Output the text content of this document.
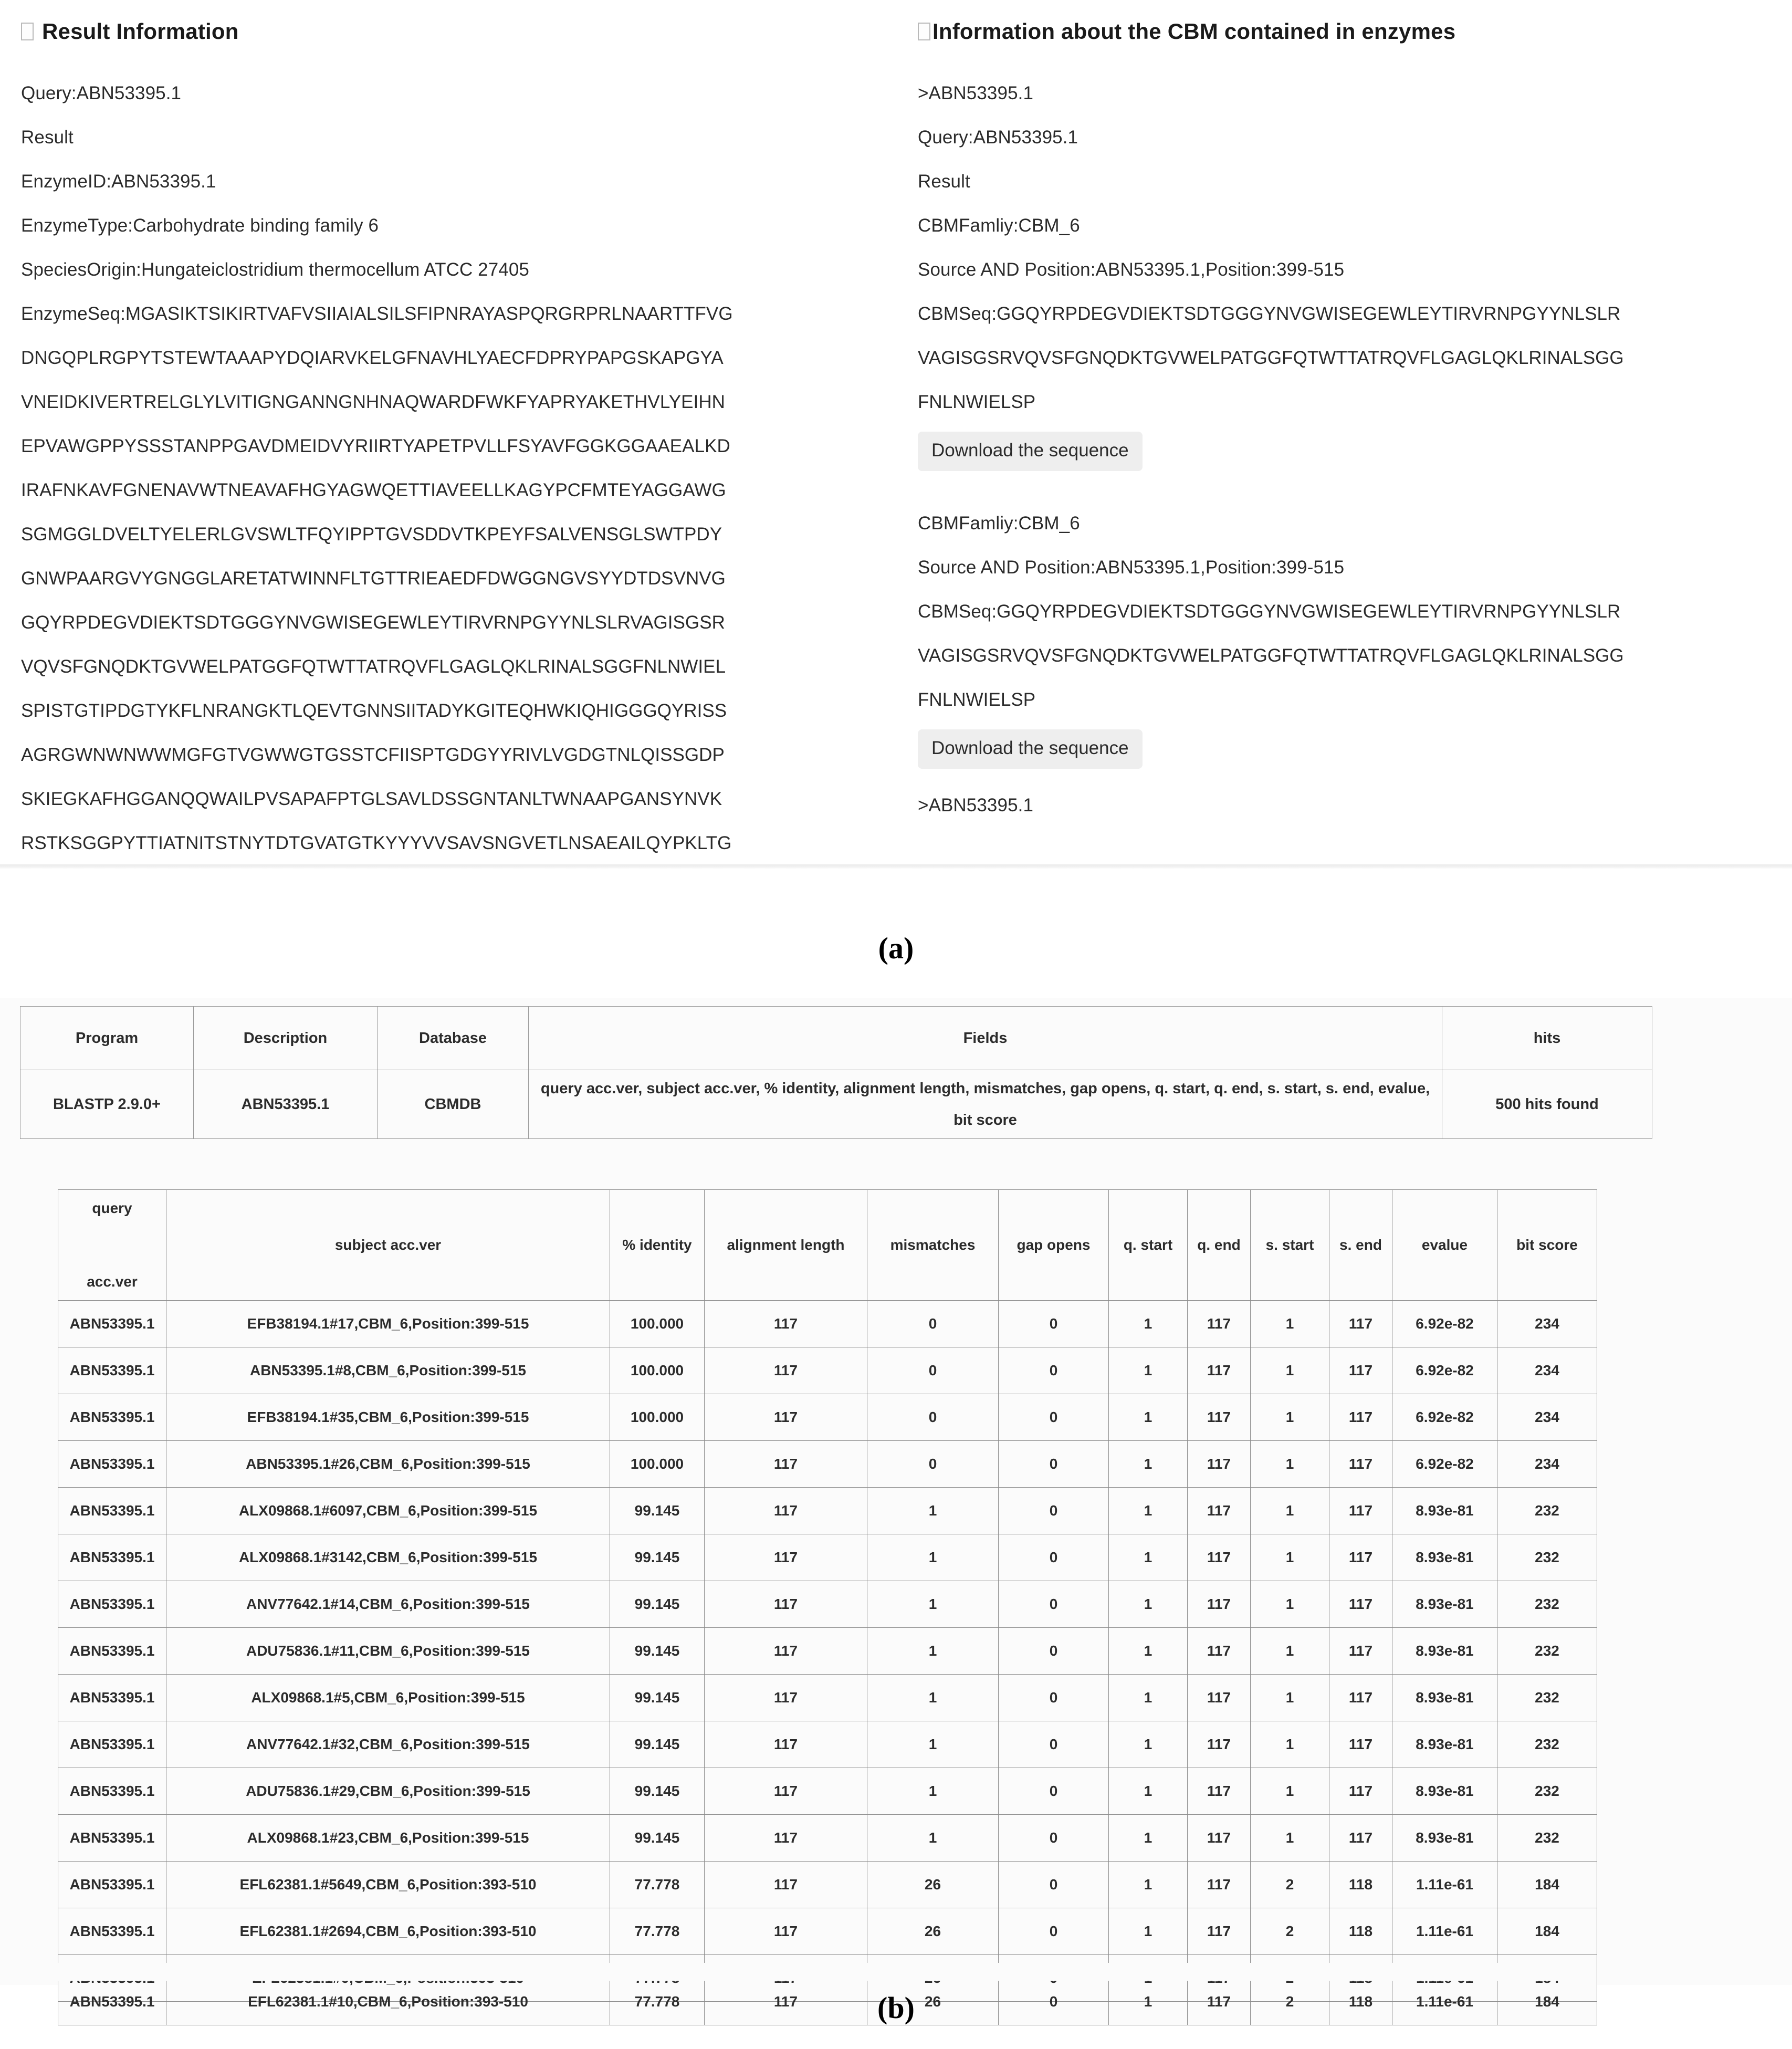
Result Information
Query:ABN53395.1
Result
EnzymeID:ABN53395.1
EnzymeType:Carbohydrate binding family 6
SpeciesOrigin:Hungateiclostridium thermocellum ATCC 27405
EnzymeSeq:MGASIKTSIKIRTVAFVSIIAIALSILSFIPNRAYASPQRGRPRLNAARTTFVG
DNGQPLRGPYTSTEWTAAAPYDQIARVKELGFNAVHLYAECFDPRYPAPGSKAPGYA
VNEIDKIVERTRELGLYLVITIGNGANNGNHNAQWARDFWKFYAPRYAKETHVLYEIHN
EPVAWGPPYSSSTANPPGAVDMEIDVYRIIRTYAPETPVLLFSYAVFGGKGGAAEALKD
IRAFNKAVFGNENAVWTNEAVAFHGYAGWQETTIAVEELLKAGYPCFMTEYAGGAWG
SGMGGLDVELTYELERLGVSWLTFQYIPPTGVSDDVTKPEYFSALVENSGLSWTPDY
GNWPAARGVYGNGGLARETATWINNFLTGTTRIEAEDFDWGGNGVSYYDTDSVNVG
GQYRPDEGVDIEKTSDTGGGYNVGWISEGEWLEYTIRVRNPGYYNLSLRVAGISGSR
VQVSFGNQDKTGVWELPATGGFQTWTTATRQVFLGAGLQKLRINALSGGFNLNWIEL
SPISTGTIPDGTYKFLNRANGKTLQEVTGNNSIITADYKGITEQHWKIQHIGGGQYRISS
AGRGWNWNWWMGFGTVGWWGTGSSTCFIISPTGDGYYRIVLVGDGTNLQISSGDP
SKIEGKAFHGGANQQWAILPVSAPAFPTGLSAVLDSSGNTANLTWNAAPGANSYNVK
RSTKSGGPYTTIATNITSTNYTDTGVATGTKYYYVVSAVSNGVETLNSAEAILQYPKLTG
Information about the CBM contained in enzymes
>ABN53395.1
Query:ABN53395.1
Result
CBMFamliy:CBM_6
Source AND Position:ABN53395.1,Position:399-515
CBMSeq:GGQYRPDEGVDIEKTSDTGGGYNVGWISEGEWLEYTIRVRNPGYYNLSLR
VAGISGSRVQVSFGNQDKTGVWELPATGGFQTWTTATRQVFLGAGLQKLRINALSGG
FNLNWIELSP
Download the sequence
CBMFamliy:CBM_6
Source AND Position:ABN53395.1,Position:399-515
CBMSeq:GGQYRPDEGVDIEKTSDTGGGYNVGWISEGEWLEYTIRVRNPGYYNLSLR
VAGISGSRVQVSFGNQDKTGVWELPATGGFQTWTTATRQVFLGAGLQKLRINALSGG
FNLNWIELSP
Download the sequence
>ABN53395.1
(a)
Program	Description	Database	Fields	hits
BLASTP 2.9.0+	ABN53395.1	CBMDB	query acc.ver, subject acc.ver, % identity, alignment length, mismatches, gap opens, q. start, q. end, s. start, s. end, evalue, bit score	500 hits found
query

acc.ver	subject acc.ver	% identity	alignment length	mismatches	gap opens	q. start	q. end	s. start	s. end	evalue	bit score
ABN53395.1	EFB38194.1#17,CBM_6,Position:399-515	100.000	117	0	0	1	117	1	117	6.92e-82	234
ABN53395.1	ABN53395.1#8,CBM_6,Position:399-515	100.000	117	0	0	1	117	1	117	6.92e-82	234
ABN53395.1	EFB38194.1#35,CBM_6,Position:399-515	100.000	117	0	0	1	117	1	117	6.92e-82	234
ABN53395.1	ABN53395.1#26,CBM_6,Position:399-515	100.000	117	0	0	1	117	1	117	6.92e-82	234
ABN53395.1	ALX09868.1#6097,CBM_6,Position:399-515	99.145	117	1	0	1	117	1	117	8.93e-81	232
ABN53395.1	ALX09868.1#3142,CBM_6,Position:399-515	99.145	117	1	0	1	117	1	117	8.93e-81	232
ABN53395.1	ANV77642.1#14,CBM_6,Position:399-515	99.145	117	1	0	1	117	1	117	8.93e-81	232
ABN53395.1	ADU75836.1#11,CBM_6,Position:399-515	99.145	117	1	0	1	117	1	117	8.93e-81	232
ABN53395.1	ALX09868.1#5,CBM_6,Position:399-515	99.145	117	1	0	1	117	1	117	8.93e-81	232
ABN53395.1	ANV77642.1#32,CBM_6,Position:399-515	99.145	117	1	0	1	117	1	117	8.93e-81	232
ABN53395.1	ADU75836.1#29,CBM_6,Position:399-515	99.145	117	1	0	1	117	1	117	8.93e-81	232
ABN53395.1	ALX09868.1#23,CBM_6,Position:399-515	99.145	117	1	0	1	117	1	117	8.93e-81	232
ABN53395.1	EFL62381.1#5649,CBM_6,Position:393-510	77.778	117	26	0	1	117	2	118	1.11e-61	184
ABN53395.1	EFL62381.1#2694,CBM_6,Position:393-510	77.778	117	26	0	1	117	2	118	1.11e-61	184

ABN53395.1	EFL62381.1#10,CBM_6,Position:393-510	77.778	117	26	0	1	117	2	118	1.11e-61	184
(b)
